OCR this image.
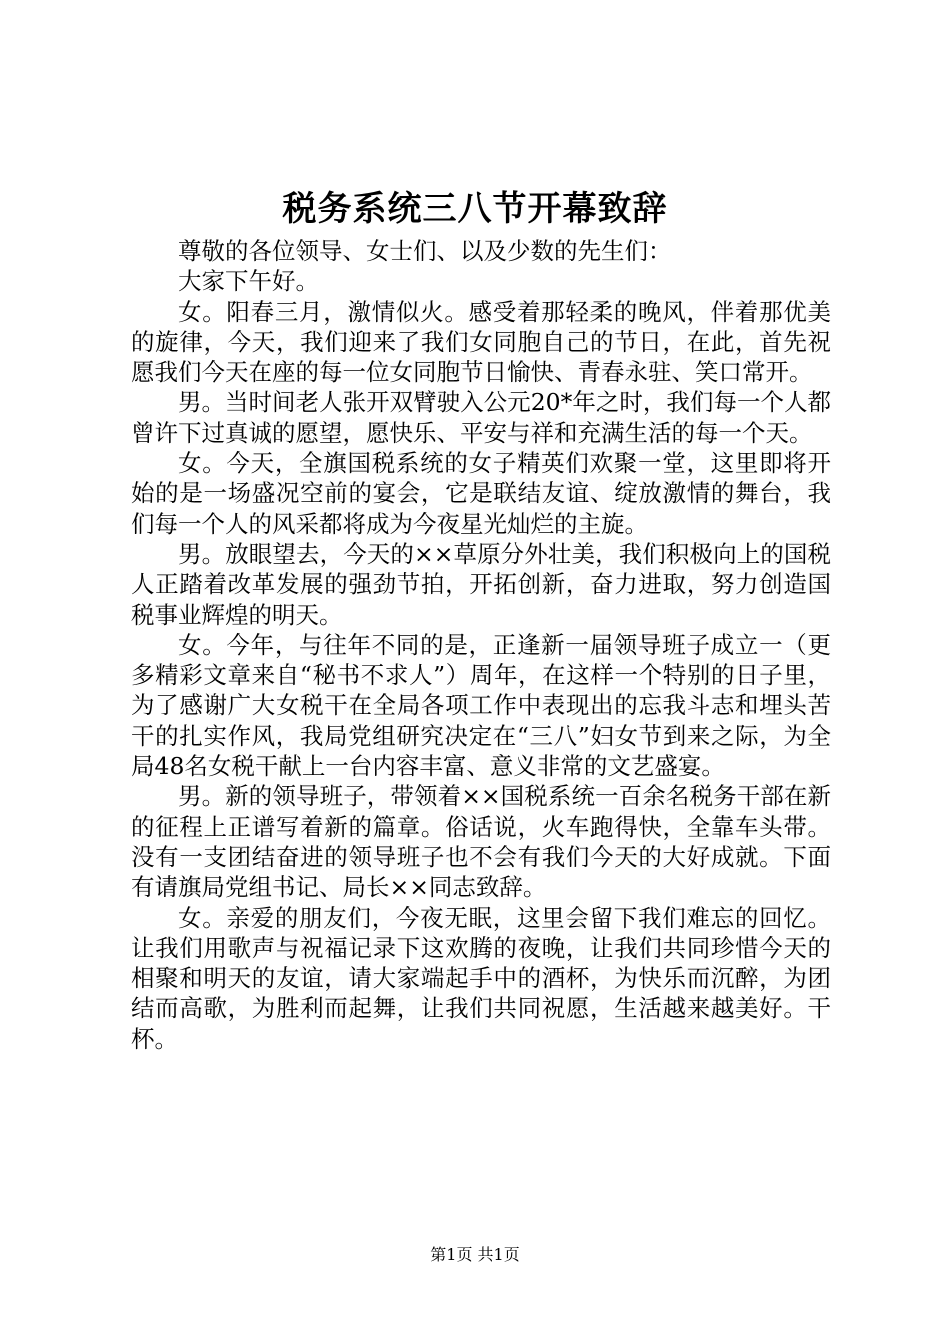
税务系统三八节开幕致辞

尊敬的各位领导、女士们、以及少数的先生们：

大家下午好。

女。阳春三月，激情似火。感受着那轻柔的晚风，伴着那优美的旋律，今天，我们迎来了我们女同胞自己的节日，在此，首先祝愿我们今天在座的每一位女同胞节日愉快、青春永驻、笑口常开。

男。当时间老人张开双臂驶入公元20*年之时，我们每一个人都曾许下过真诚的愿望，愿快乐、平安与祥和充满生活的每一个天。

女。今天，全旗国税系统的女子精英们欢聚一堂，这里即将开始的是一场盛况空前的宴会，它是联结友谊、绽放激情的舞台，我们每一个人的风采都将成为今夜星光灿烂的主旋。

男。放眼望去，今天的××草原分外壮美，我们积极向上的国税人正踏着改革发展的强劲节拍，开拓创新，奋力进取，努力创造国税事业辉煌的明天。

女。今年，与往年不同的是，正逢新一届领导班子成立一（更多精彩文章来自“秘书不求人”）周年，在这样一个特别的日子里，为了感谢广大女税干在全局各项工作中表现出的忘我斗志和埋头苦干的扎实作风，我局党组研究决定在“三八”妇女节到来之际，为全局48名女税干献上一台内容丰富、意义非常的文艺盛宴。

男。新的领导班子，带领着××国税系统一百余名税务干部在新的征程上正谱写着新的篇章。俗话说，火车跑得快，全靠车头带。没有一支团结奋进的领导班子也不会有我们今天的大好成就。下面有请旗局党组书记、局长××同志致辞。

女。亲爱的朋友们，今夜无眠，这里会留下我们难忘的回忆。让我们用歌声与祝福记录下这欢腾的夜晚，让我们共同珍惜今天的相聚和明天的友谊，请大家端起手中的酒杯，为快乐而沉醉，为团结而高歌，为胜利而起舞，让我们共同祝愿，生活越来越美好。干杯。

第1页 共1页
